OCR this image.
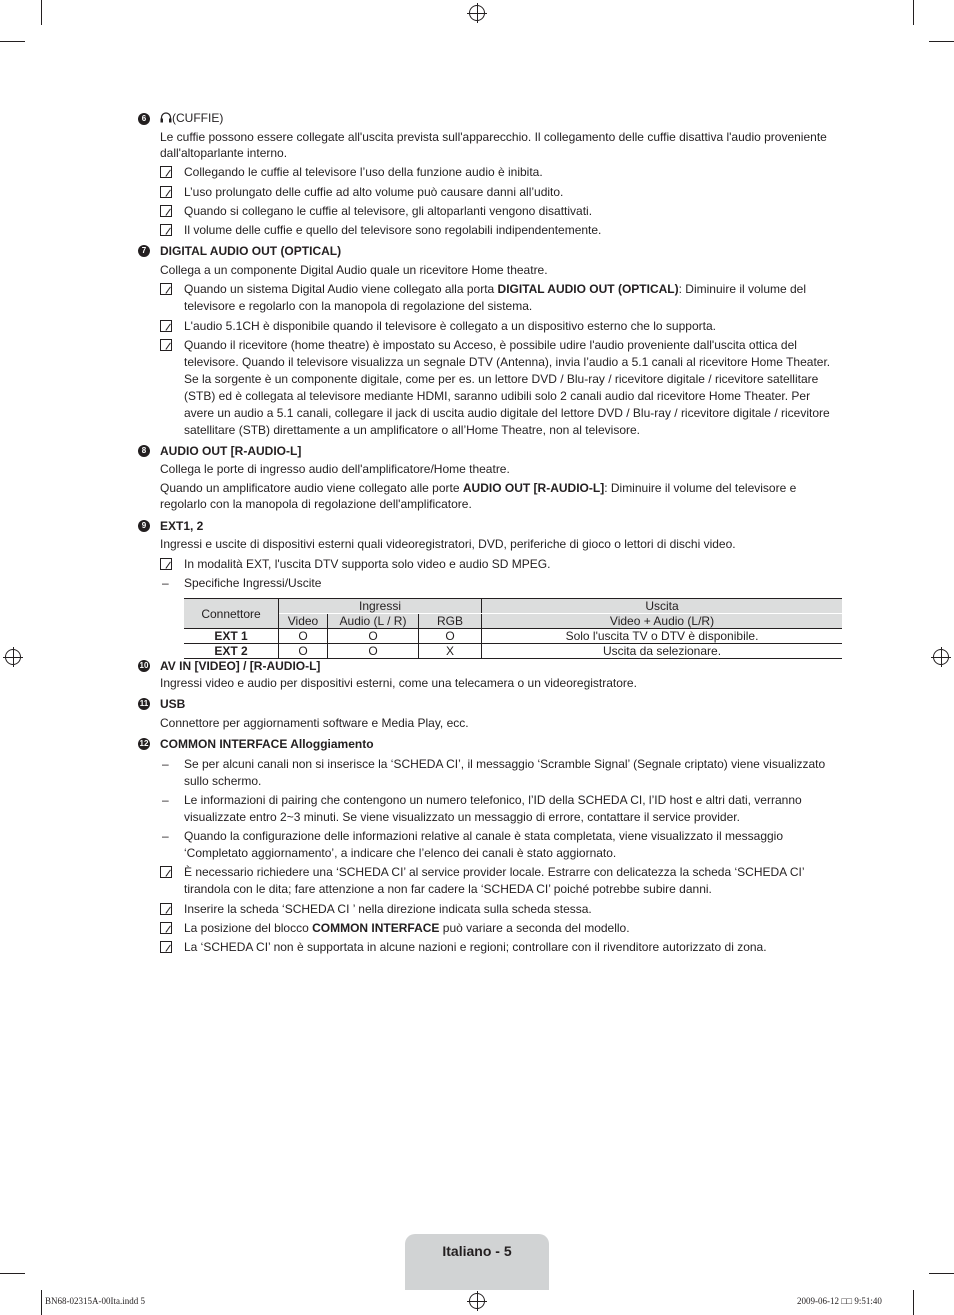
6	(CUFFIE)
Le cuffie possono essere collegate all'uscita prevista sull'apparecchio. Il collegamento delle cuffie disattiva l'audio proveniente
dall'altoparlante interno.
Collegando le cuffie al televisore l’uso della funzione audio è inibita.
L’uso prolungato delle cuffie ad alto volume può causare danni all’udito.
Quando si collegano le cuffie al televisore, gli altoparlanti vengono disattivati.
Il volume delle cuffie e quello del televisore sono regolabili indipendentemente.
7	DIGITAL AUDIO OUT (OPTICAL)
Collega a un componente Digital Audio quale un ricevitore Home theatre.
Quando un sistema Digital Audio viene collegato alla porta DIGITAL AUDIO OUT (OPTICAL): Diminuire il volume del
televisore e regolarlo con la manopola di regolazione del sistema.
L'audio 5.1CH è disponibile quando il televisore è collegato a un dispositivo esterno che lo supporta.
Quando il ricevitore (home theatre) è impostato su Acceso, è possibile udire l'audio proveniente dall'uscita ottica del
televisore. Quando il televisore visualizza un segnale DTV (Antenna), invia l’audio a 5.1 canali al ricevitore Home Theater.
Se la sorgente è un componente digitale, come per es. un lettore DVD / Blu-ray / ricevitore digitale / ricevitore satellitare
(STB) ed è collegata al televisore mediante HDMI, saranno udibili solo 2 canali audio dal ricevitore Home Theater. Per
avere un audio a 5.1 canali, collegare il jack di uscita audio digitale del lettore DVD / Blu-ray / ricevitore digitale / ricevitore
satellitare (STB) direttamente a un amplificatore o all’Home Theatre, non al televisore.
8	AUDIO OUT [R-AUDIO-L]
Collega le porte di ingresso audio dell'amplificatore/Home theatre.
Quando un amplificatore audio viene collegato alle porte AUDIO OUT [R-AUDIO-L]: Diminuire il volume del televisore e
regolarlo con la manopola di regolazione dell'amplificatore.
9	EXT1, 2
Ingressi e uscite di dispositivi esterni quali videoregistratori, DVD, periferiche di gioco o lettori di dischi video.
In modalità EXT, l'uscita DTV supporta solo video e audio SD MPEG.
– Specifiche Ingressi/Uscite
Connettore	Ingressi			Uscita
	Video	Audio (L / R)	RGB	Video + Audio (L/R)
EXT 1	O	O	O	Solo l'uscita TV o DTV è disponibile.
EXT 2	O	O	X	Uscita da selezionare.
10 AV IN [VIDEO] / [R-AUDIO-L]
Ingressi video e audio per dispositivi esterni, come una telecamera o un videoregistratore.
11 USB
Connettore per aggiornamenti software e Media Play, ecc.
12 COMMON INTERFACE Alloggiamento
– Se per alcuni canali non si inserisce la ‘SCHEDA CI’, il messaggio ‘Scramble Signal’ (Segnale criptato) viene visualizzato
sullo schermo.
– Le informazioni di pairing che contengono un numero telefonico, l’ID della SCHEDA CI, l’ID host e altri dati, verranno
visualizzate entro 2~3 minuti. Se viene visualizzato un messaggio di errore, contattare il service provider.
– Quando la configurazione delle informazioni relative al canale è stata completata, viene visualizzato il messaggio
‘Completato aggiornamento’, a indicare che l’elenco dei canali è stato aggiornato.
È necessario richiedere una ‘SCHEDA CI’ al service provider locale. Estrarre con delicatezza la scheda ‘SCHEDA CI’
tirandola con le dita; fare attenzione a non far cadere la ‘SCHEDA CI’ poiché potrebbe subire danni.
Inserire la scheda ‘SCHEDA CI ’ nella direzione indicata sulla scheda stessa.
La posizione del blocco COMMON INTERFACE può variare a seconda del modello.
La ‘SCHEDA CI’ non è supportata in alcune nazioni e regioni; controllare con il rivenditore autorizzato di zona.
Italiano - 5
BN68-02315A-00Ita.indd 5	2009-06-12 □□ 9:51:40
